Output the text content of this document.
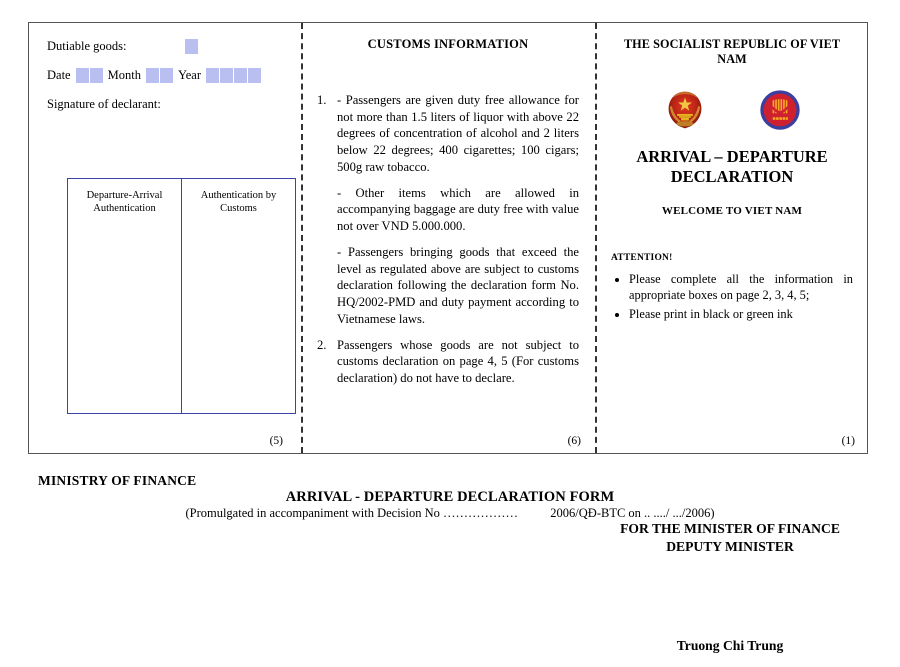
Dutiable goods:
Date	Month	Year
Signature of declarant:
(5)
Departure-Arrival Authentication
Authentication by Customs
CUSTOMS INFORMATION
1. - Passengers are given duty free allowance for not more than 1.5 liters of liquor with above 22 degrees of concentration of alcohol and 2 liters below 22 degrees; 400 cigarettes; 100 cigars; 500g raw tobacco.

- Other items which are allowed in accompanying baggage are duty free with value not over VND 5.000.000.

- Passengers bringing goods that exceed the level as regulated above are subject to customs declaration following the declaration form No. HQ/2002-PMD and duty payment according to Vietnamese laws.

2. Passengers whose goods are not subject to customs declaration on page 4, 5 (For customs declaration) do not have to declare.

(6)
THE SOCIALIST REPUBLIC OF VIET NAM
ARRIVAL – DEPARTURE
DECLARATION
WELCOME TO VIET NAM
ATTENTION!
• Please complete all the information in appropriate boxes on page 2, 3, 4, 5;
• Please print in black or green ink
(1)
MINISTRY OF FINANCE
ARRIVAL - DEPARTURE DECLARATION FORM
(Promulgated in accompaniment with Decision No ………………	2006/QĐ-BTC on .. ..../ .../2006)
FOR THE MINISTER OF FINANCE
DEPUTY MINISTER
Truong Chi Trung
